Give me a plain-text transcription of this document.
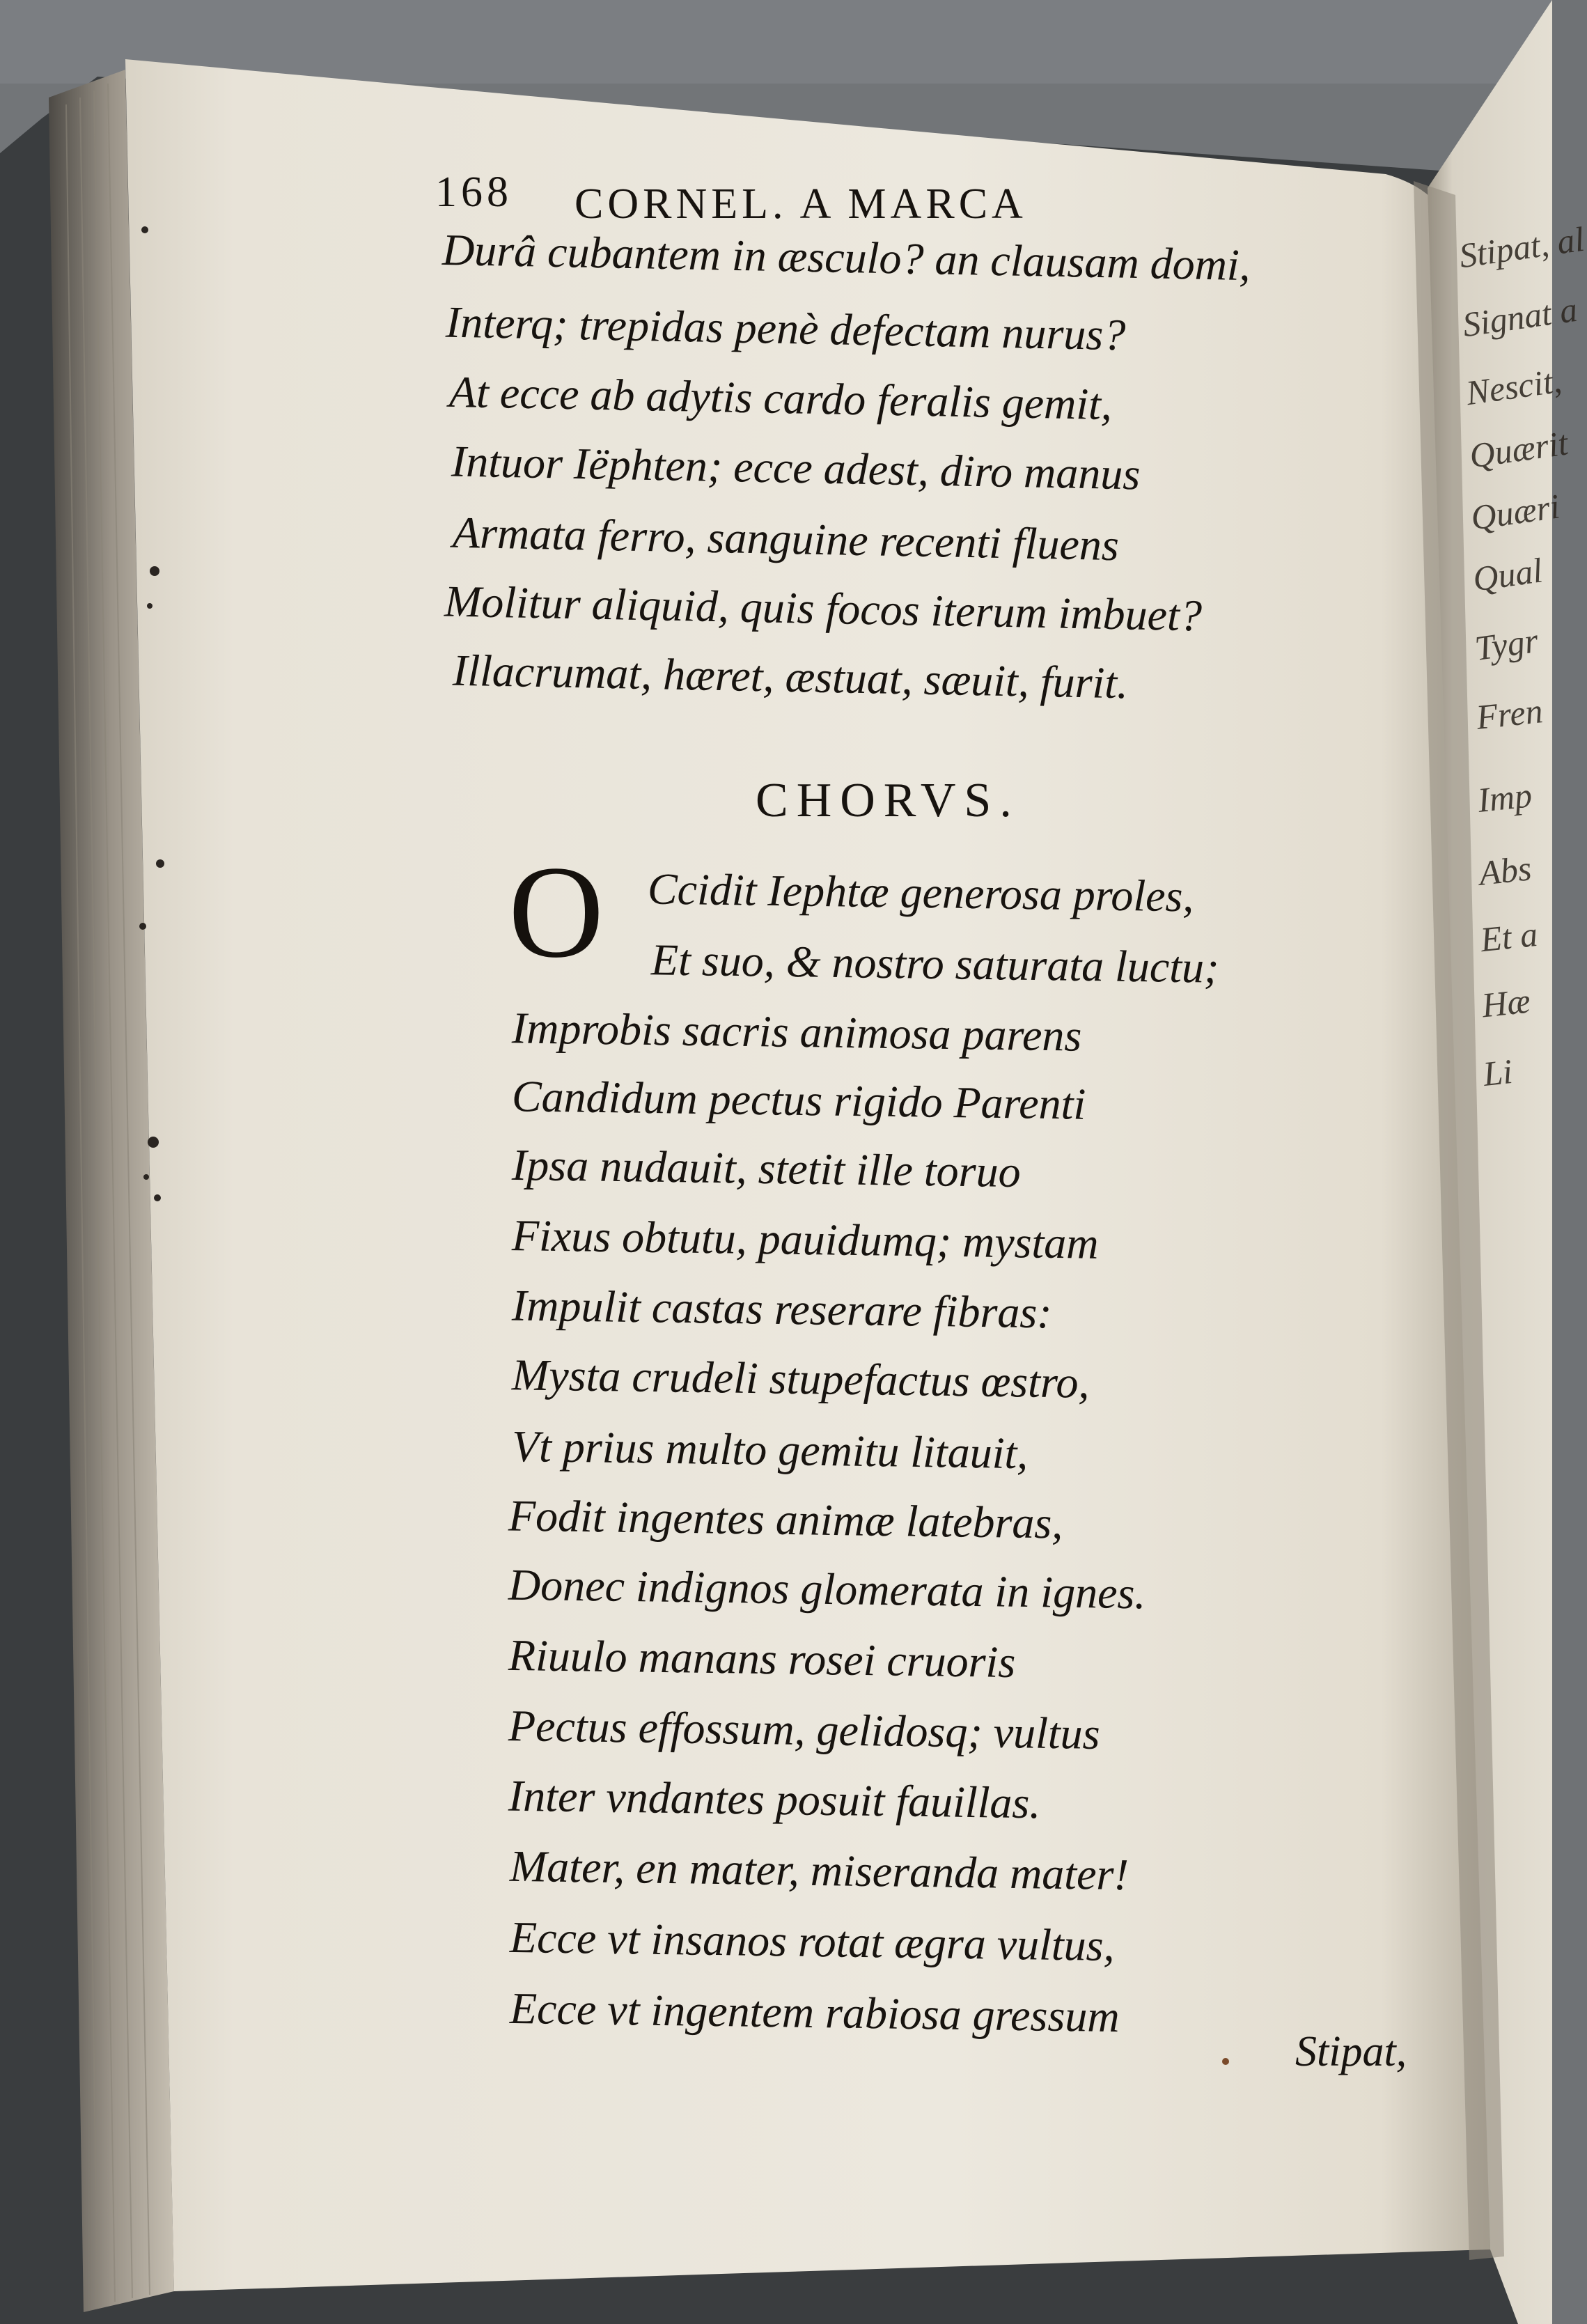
168 CORNEL. A MARCA
Durâ cubantem in æsculo? an clausam domi,
Interq; trepidas penè defectam nurus?
At ecce ab adytis cardo feralis gemit,
Intuor Iëphten; ecce adest, diro manus
Armata ferro, sanguine recenti fluens
Molitur aliquid, quis focos iterum imbuet?
Illacrumat, hæret, æstuat, sæuit, furit.
CHORVS.
O Ccidit Iephtæ generosa proles,
Et suo, & nostro saturata luctu;
Improbis sacris animosa parens
Candidum pectus rigido Parenti
Ipsa nudauit, stetit ille toruo
Fixus obtutu, pauidumq; mystam
Impulit castas reserare fibras:
Mysta crudeli stupefactus œstro,
Vt prius multo gemitu litauit,
Fodit ingentes animæ latebras,
Donec indignos glomerata in ignes.
Riuulo manans rosei cruoris
Pectus effossum, gelidosq; vultus
Inter vndantes posuit fauillas.
Mater, en mater, miseranda mater!
Ecce vt insanos rotat ægra vultus,
Ecce vt ingentem rabiosa gressum
Stipat,
Stipat, al
Signat a
Nescit,
Quærit
Quæri
Qual
Tygr
Fren
Imp
Abs
Et a
Hæ
Li
